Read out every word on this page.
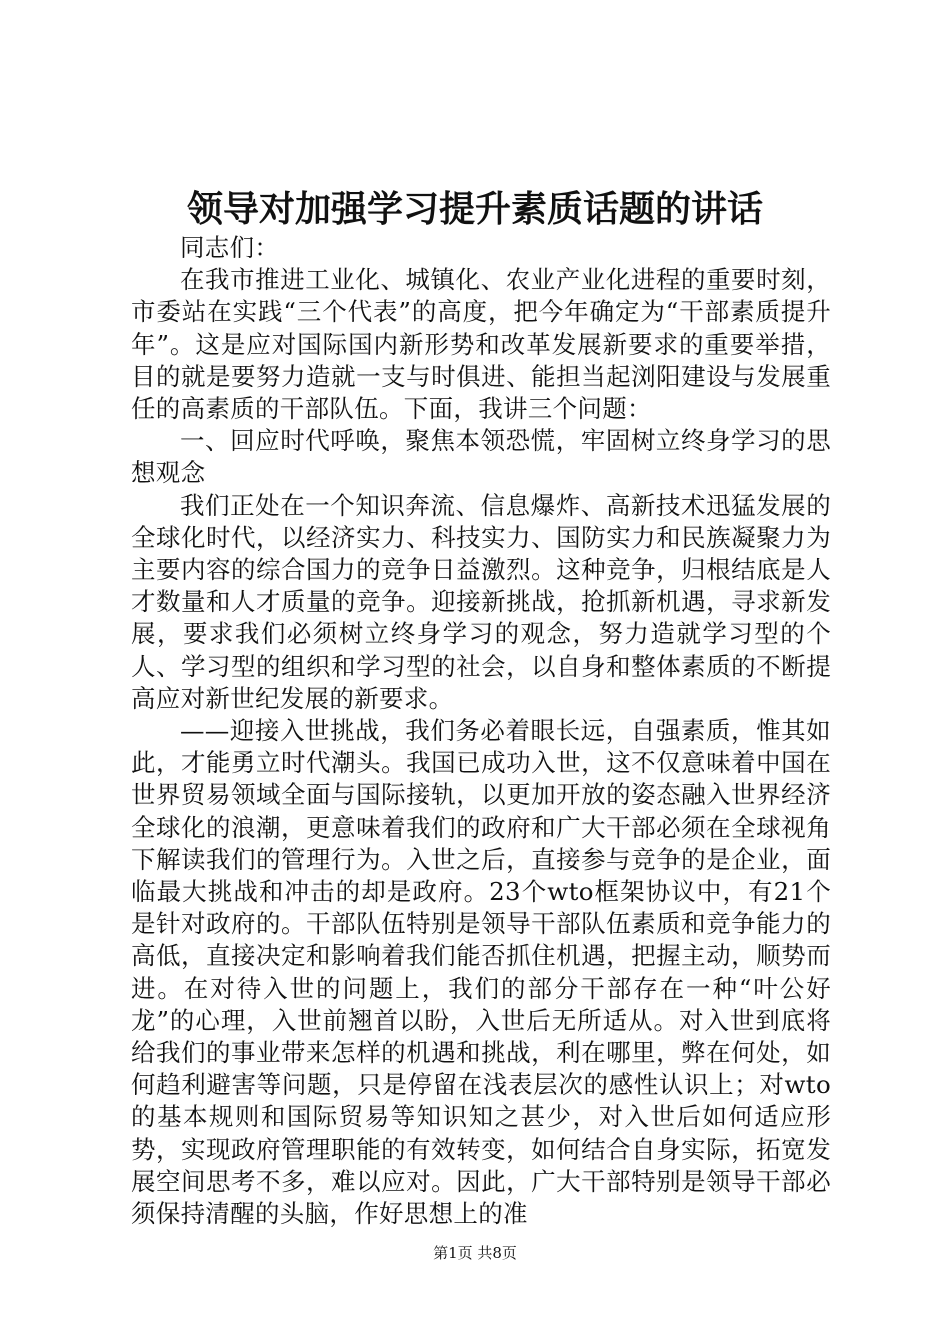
领导对加强学习提升素质话题的讲话

同志们：

在我市推进工业化、城镇化、农业产业化进程的重要时刻，市委站在实践“三个代表”的高度，把今年确定为“干部素质提升年”。这是应对国际国内新形势和改革发展新要求的重要举措，目的就是要努力造就一支与时俱进、能担当起浏阳建设与发展重任的高素质的干部队伍。下面，我讲三个问题：

一、回应时代呼唤，聚焦本领恐慌，牢固树立终身学习的思想观念

我们正处在一个知识奔流、信息爆炸、高新技术迅猛发展的全球化时代，以经济实力、科技实力、国防实力和民族凝聚力为主要内容的综合国力的竞争日益激烈。这种竞争，归根结底是人才数量和人才质量的竞争。迎接新挑战，抢抓新机遇，寻求新发展，要求我们必须树立终身学习的观念，努力造就学习型的个人、学习型的组织和学习型的社会，以自身和整体素质的不断提高应对新世纪发展的新要求。

——迎接入世挑战，我们务必着眼长远，自强素质，惟其如此，才能勇立时代潮头。我国已成功入世，这不仅意味着中国在世界贸易领域全面与国际接轨，以更加开放的姿态融入世界经济全球化的浪潮，更意味着我们的政府和广大干部必须在全球视角下解读我们的管理行为。入世之后，直接参与竞争的是企业，面临最大挑战和冲击的却是政府。23个wto框架协议中，有21个是针对政府的。干部队伍特别是领导干部队伍素质和竞争能力的高低，直接决定和影响着我们能否抓住机遇，把握主动，顺势而进。在对待入世的问题上，我们的部分干部存在一种“叶公好龙”的心理，入世前翘首以盼，入世后无所适从。对入世到底将给我们的事业带来怎样的机遇和挑战，利在哪里，弊在何处，如何趋利避害等问题，只是停留在浅表层次的感性认识上；对wto的基本规则和国际贸易等知识知之甚少，对入世后如何适应形势，实现政府管理职能的有效转变，如何结合自身实际，拓宽发展空间思考不多，难以应对。因此，广大干部特别是领导干部必须保持清醒的头脑，作好思想上的准

第1页 共8页
